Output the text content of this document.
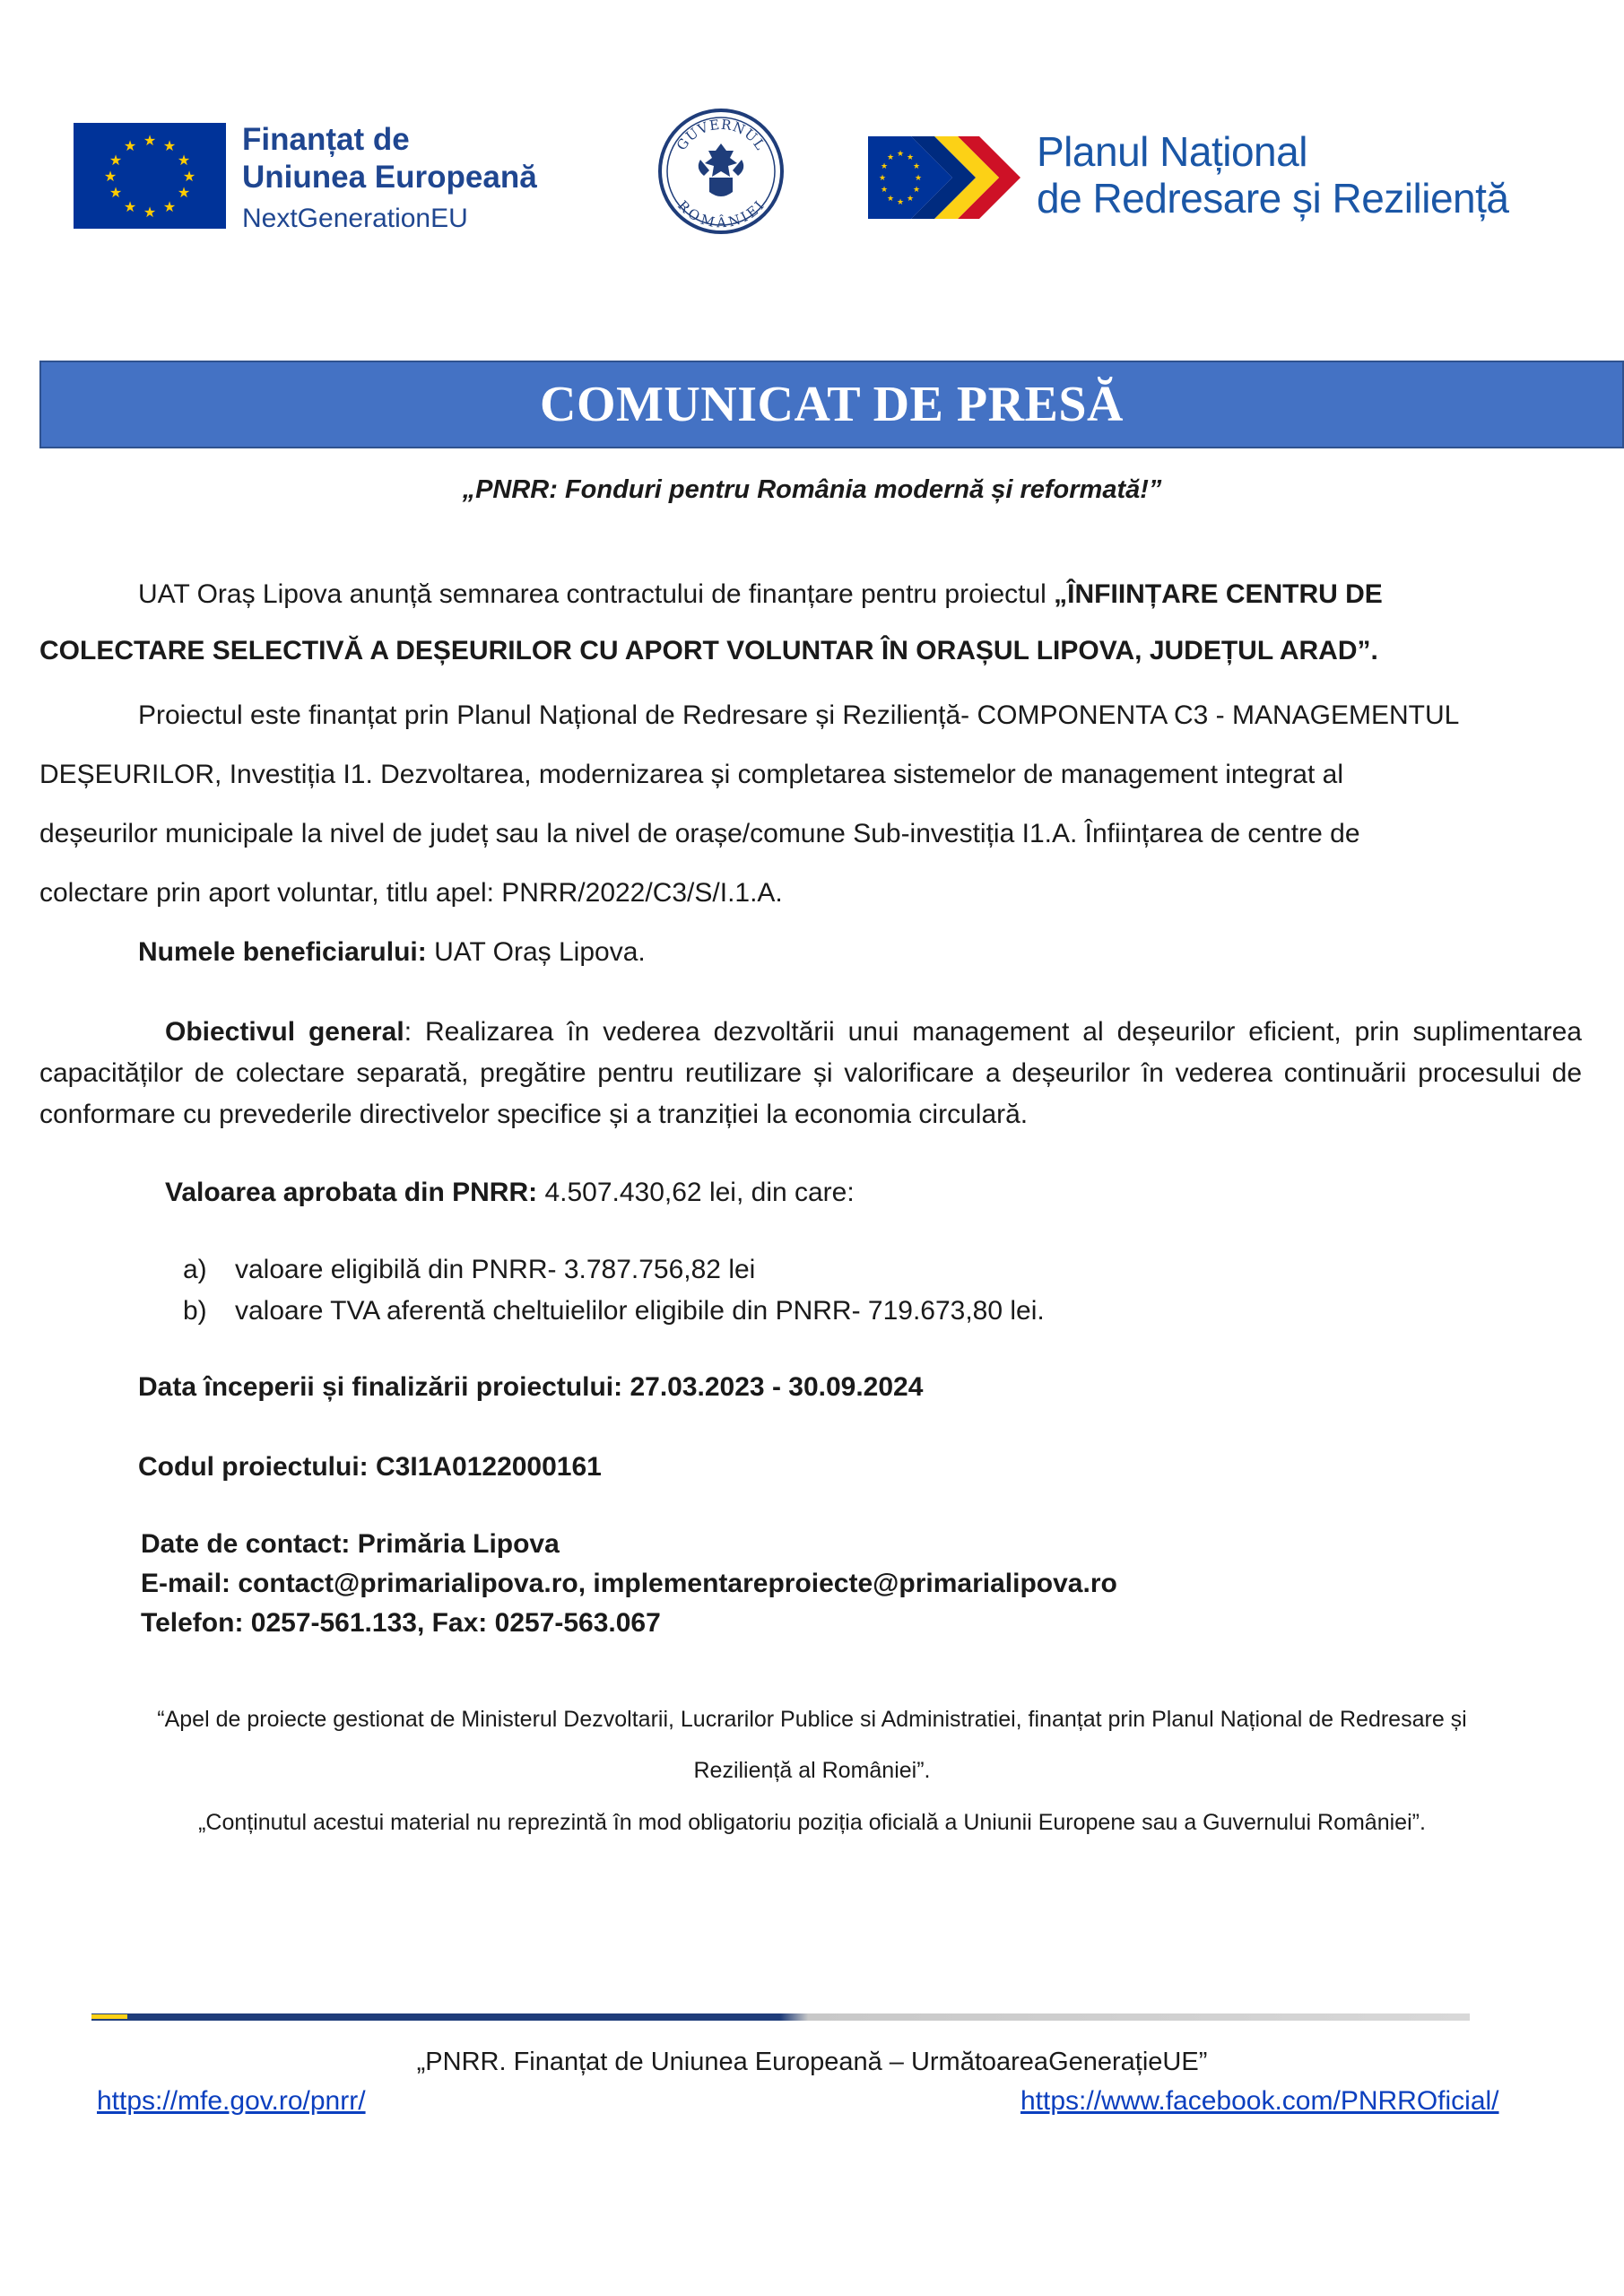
★ ★
★
★
★
★
★
★
★
★
★
★	Finanțat de
Uniunea Europeană
NextGenerationEU
GUVERNUL
ROMÂNIEI
★ ★
★
★
★
★
★
★
★
★
★
★	Planul Național
de Redresare și Reziliență
COMUNICAT DE PRESĂ
„PNRR: Fonduri pentru România modernă și reformată!”
UAT Oraș Lipova anunță semnarea contractului de finanțare pentru proiectul „ÎNFIINȚARE CENTRU DE
COLECTARE SELECTIVĂ A DEȘEURILOR CU APORT VOLUNTAR ÎN ORAȘUL LIPOVA, JUDEȚUL ARAD”.
Proiectul este finanțat prin Planul Național de Redresare și Reziliență- COMPONENTA C3 - MANAGEMENTUL
DEȘEURILOR, Investiția I1. Dezvoltarea, modernizarea și completarea sistemelor de management integrat al
deșeurilor municipale la nivel de județ sau la nivel de orașe/comune Sub-investiția I1.A. Înființarea de centre de
colectare prin aport voluntar, titlu apel: PNRR/2022/C3/S/I.1.A.
Numele beneficiarului: UAT Oraș Lipova.
Obiectivul general: Realizarea în vederea dezvoltării unui management al deșeurilor eficient, prin suplimentarea capacităților de colectare separată, pregătire pentru reutilizare și valorificare a deșeurilor în vederea continuării procesului de conformare cu prevederile directivelor specifice și a tranziției la economia circulară.
Valoarea aprobata din PNRR: 4.507.430,62 lei, din care:
a) valoare eligibilă din PNRR- 3.787.756,82 lei
b) valoare TVA aferentă cheltuielilor eligibile din PNRR- 719.673,80 lei.
Data începerii și finalizării proiectului: 27.03.2023 - 30.09.2024
Codul proiectului: C3I1A0122000161
Date de contact: Primăria Lipova
E-mail: contact@primarialipova.ro, implementareproiecte@primarialipova.ro
Telefon: 0257-561.133, Fax: 0257-563.067
“Apel de proiecte gestionat de Ministerul Dezvoltarii, Lucrarilor Publice si Administratiei, finanțat prin Planul Național de Redresare și
Reziliență al României”.
„Conținutul acestui material nu reprezintă în mod obligatoriu poziția oficială a Uniunii Europene sau a Guvernului României”.
„PNRR. Finanțat de Uniunea Europeană – UrmătoareaGenerațieUE”
https://mfe.gov.ro/pnrr/	https://www.facebook.com/PNRROficial/
